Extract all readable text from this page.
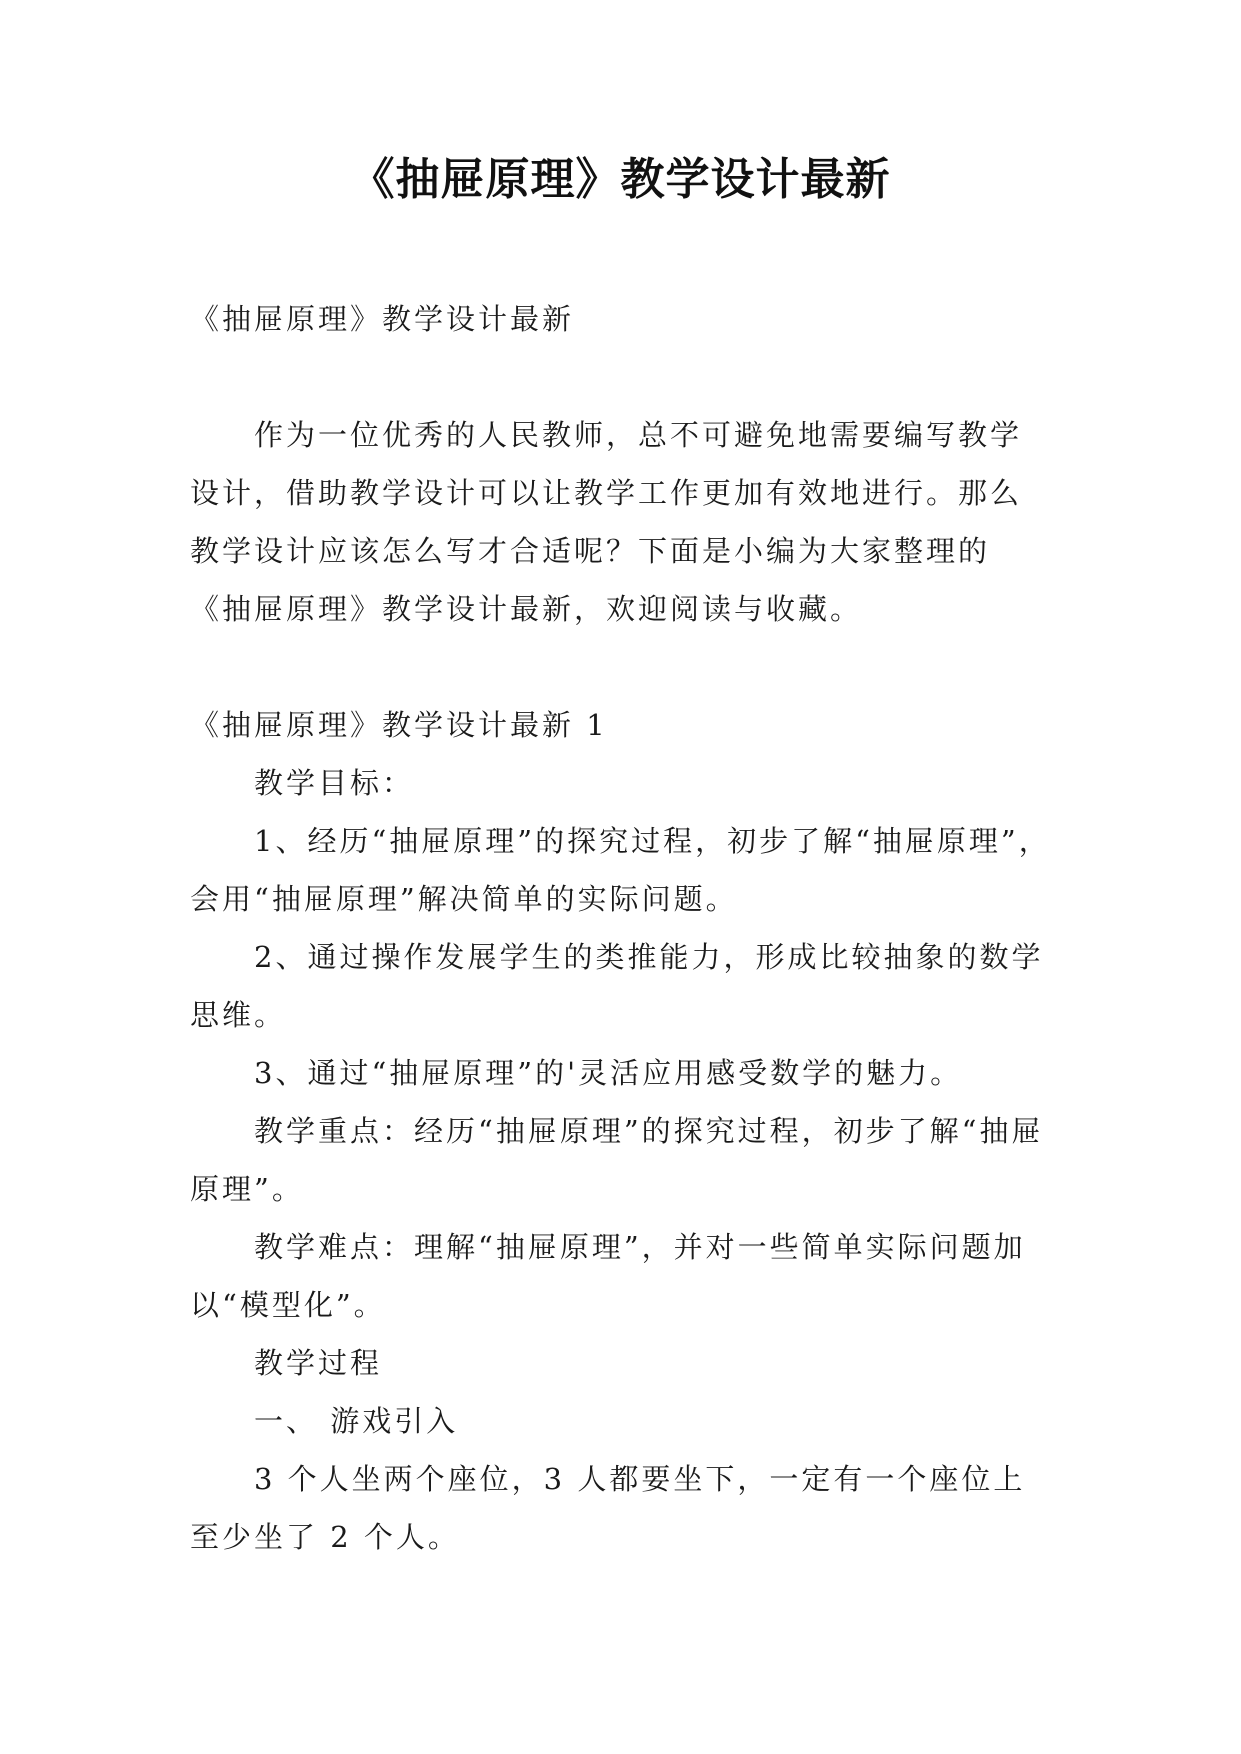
《抽屉原理》教学设计最新

《抽屉原理》教学设计最新

作为一位优秀的人民教师，总不可避免地需要编写教学设计，借助教学设计可以让教学工作更加有效地进行。那么教学设计应该怎么写才合适呢？下面是小编为大家整理的《抽屉原理》教学设计最新，欢迎阅读与收藏。

《抽屉原理》教学设计最新 1

教学目标：

1、经历“抽屉原理”的探究过程，初步了解“抽屉原理”，会用“抽屉原理”解决简单的实际问题。

2、通过操作发展学生的类推能力，形成比较抽象的数学思维。

3、通过“抽屉原理”的'灵活应用感受数学的魅力。

教学重点：经历“抽屉原理”的探究过程，初步了解“抽屉原理”。

教学难点：理解“抽屉原理”，并对一些简单实际问题加以“模型化”。

教学过程

一、 游戏引入

3 个人坐两个座位，3 人都要坐下，一定有一个座位上至少坐了 2 个人。
